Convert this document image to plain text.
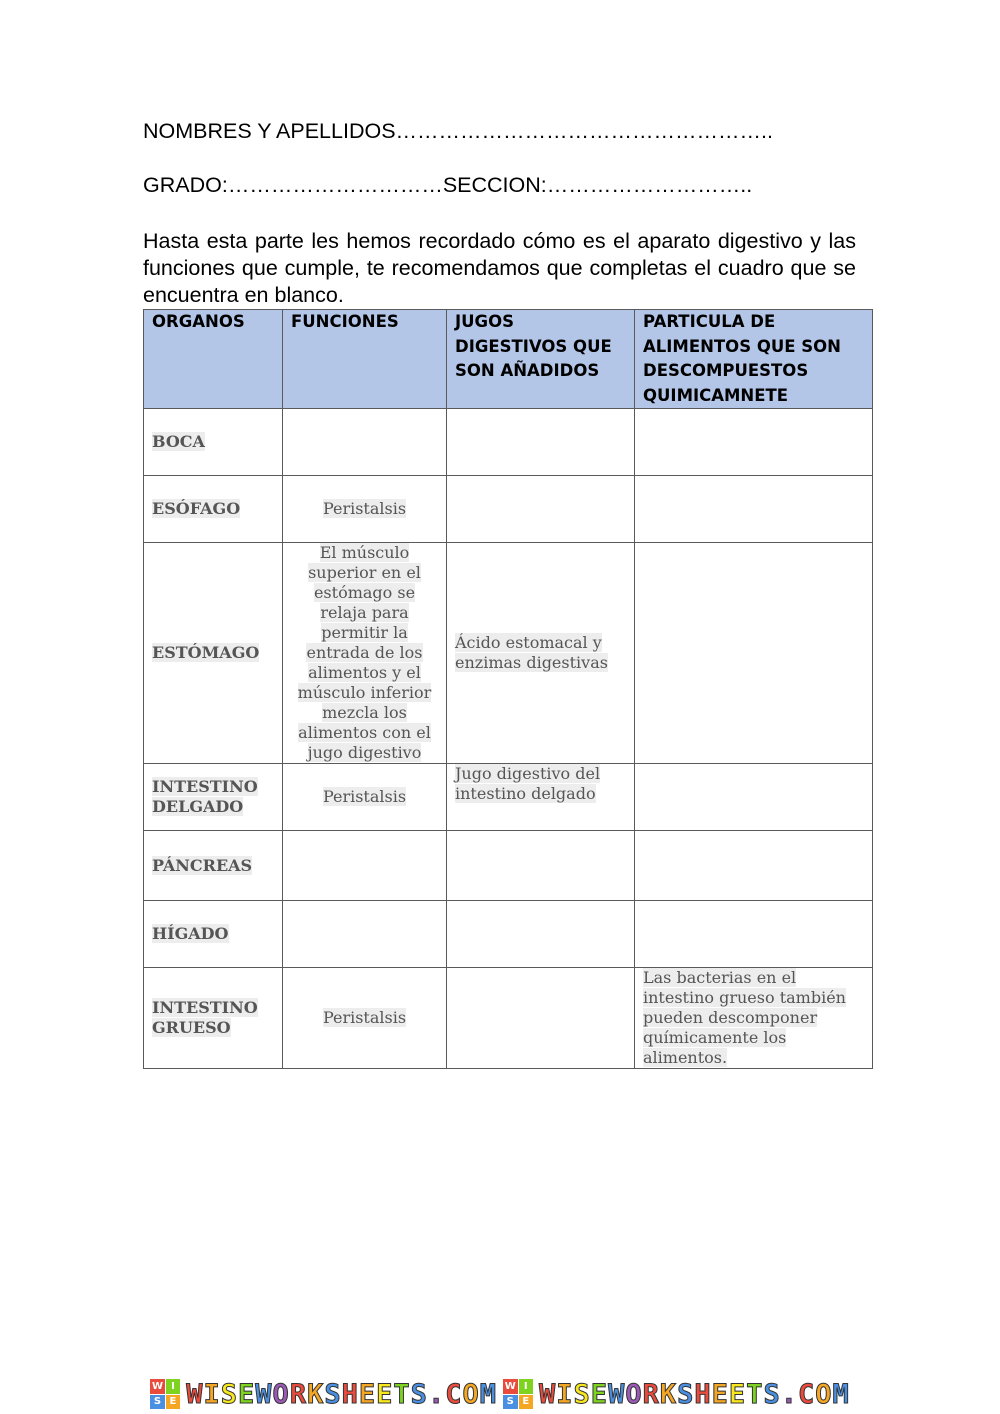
NOMBRES Y APELLIDOS……………………………………………..
GRADO:…………………………SECCION:………………………..
Hasta esta parte les hemos recordado cómo es el aparato digestivo y las funciones que cumple, te recomendamos que completas el cuadro que se encuentra en blanco.
ORGANOS	FUNCIONES	JUGOS DIGESTIVOS QUE SON AÑADIDOS	PARTICULA DE ALIMENTOS QUE SON DESCOMPUESTOS QUIMICAMNETE
BOCA			
ESÓFAGO	Peristalsis		
ESTÓMAGO	El músculo superior en el estómago se relaja para permitir la entrada de los alimentos y el músculo inferior mezcla los alimentos con el jugo digestivo	Ácido estomacal y enzimas digestivas	
INTESTINO DELGADO	Peristalsis	Jugo digestivo del intestino delgado	
PÁNCREAS			
HÍGADO			
INTESTINO GRUESO	Peristalsis		Las bacterias en el intestino grueso también pueden descomponer químicamente los alimentos.
W I
S E W I S E W O R K S H E E T S . C O M W I
S E W I S E W O R K S H E E T S . C O M
